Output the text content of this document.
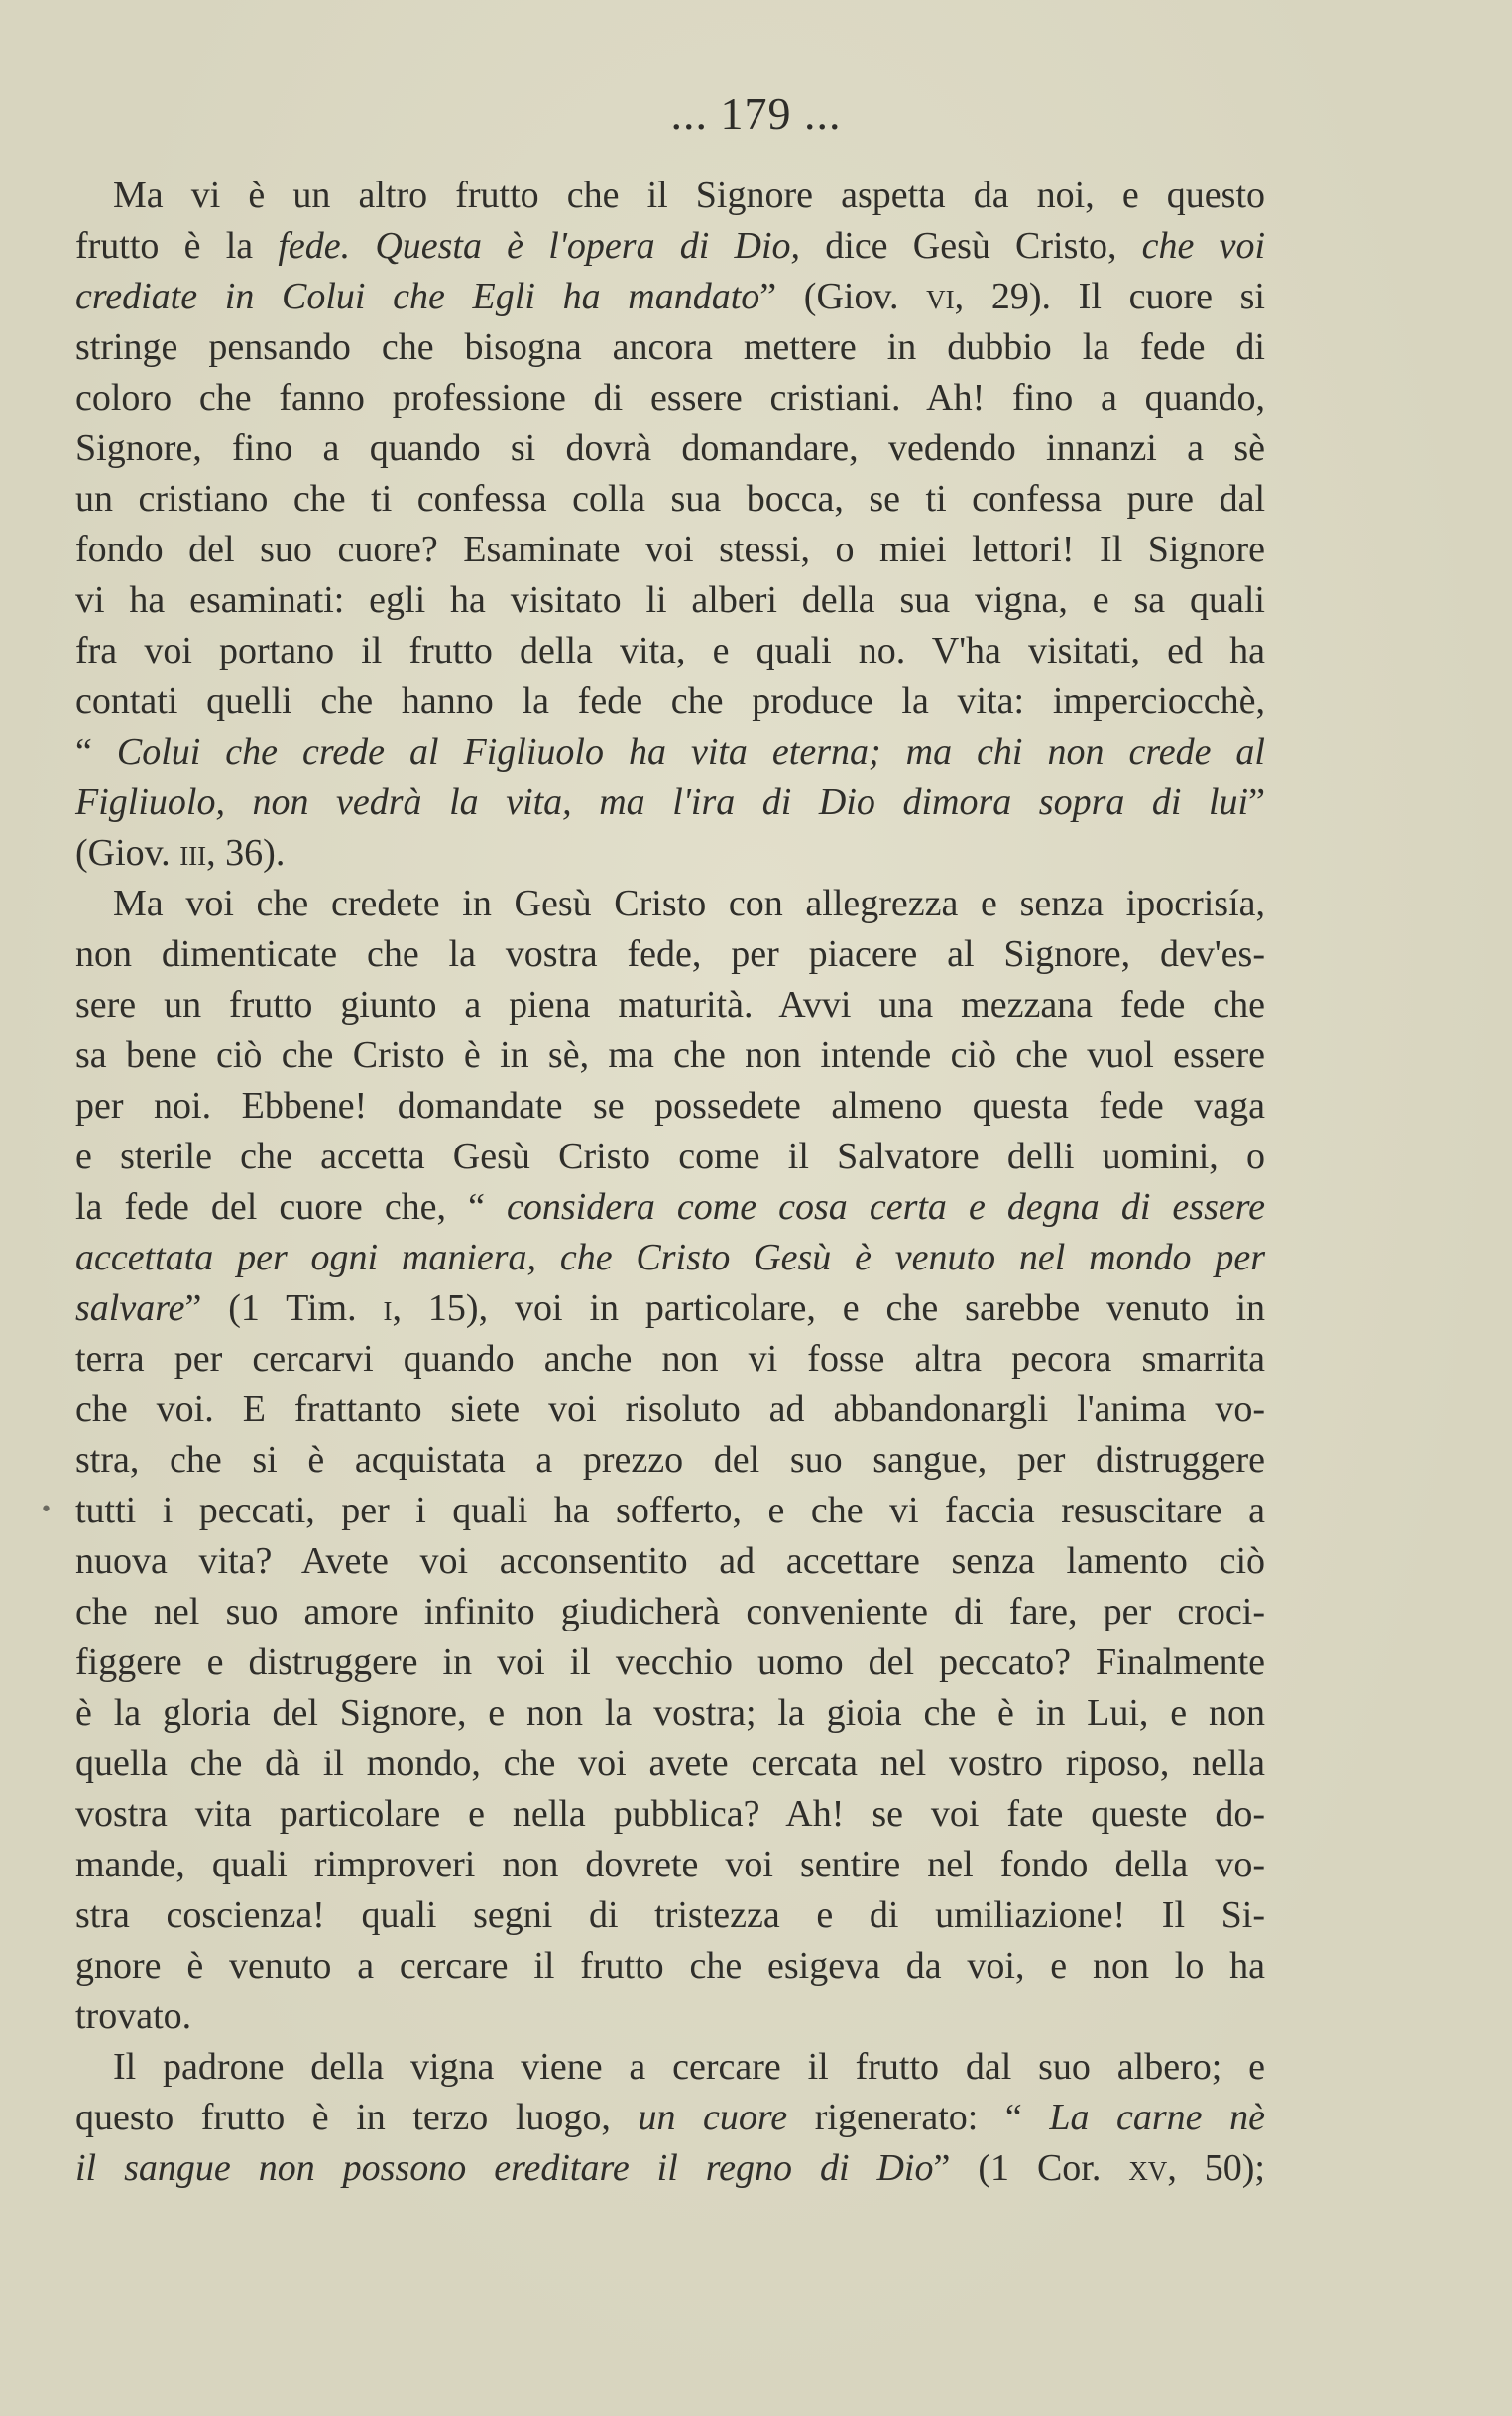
... 179 ...
Ma vi è un altro frutto che il Signore aspetta da noi, e questo
frutto è la fede. Questa è l'opera di Dio, dice Gesù Cristo, che voi
crediate in Colui che Egli ha mandato” (Giov. vi, 29). Il cuore si
stringe pensando che bisogna ancora mettere in dubbio la fede di
coloro che fanno professione di essere cristiani. Ah! fino a quando,
Signore, fino a quando si dovrà domandare, vedendo innanzi a sè
un cristiano che ti confessa colla sua bocca, se ti confessa pure dal
fondo del suo cuore? Esaminate voi stessi, o miei lettori! Il Signore
vi ha esaminati: egli ha visitato li alberi della sua vigna, e sa quali
fra voi portano il frutto della vita, e quali no. V'ha visitati, ed ha
contati quelli che hanno la fede che produce la vita: imperciocchè,
“ Colui che crede al Figliuolo ha vita eterna; ma chi non crede al
Figliuolo, non vedrà la vita, ma l'ira di Dio dimora sopra di lui”
(Giov. iii, 36).
Ma voi che credete in Gesù Cristo con allegrezza e senza ipocrisía,
non dimenticate che la vostra fede, per piacere al Signore, dev'es-
sere un frutto giunto a piena maturità. Avvi una mezzana fede che
sa bene ciò che Cristo è in sè, ma che non intende ciò che vuol essere
per noi. Ebbene! domandate se possedete almeno questa fede vaga
e sterile che accetta Gesù Cristo come il Salvatore delli uomini, o
la fede del cuore che, “ considera come cosa certa e degna di essere
accettata per ogni maniera, che Cristo Gesù è venuto nel mondo per
salvare” (1 Tim. i, 15), voi in particolare, e che sarebbe venuto in
terra per cercarvi quando anche non vi fosse altra pecora smarrita
che voi. E frattanto siete voi risoluto ad abbandonargli l'anima vo-
stra, che si è acquistata a prezzo del suo sangue, per distruggere
tutti i peccati, per i quali ha sofferto, e che vi faccia resuscitare a
nuova vita? Avete voi acconsentito ad accettare senza lamento ciò
che nel suo amore infinito giudicherà conveniente di fare, per croci-
figgere e distruggere in voi il vecchio uomo del peccato? Finalmente
è la gloria del Signore, e non la vostra; la gioia che è in Lui, e non
quella che dà il mondo, che voi avete cercata nel vostro riposo, nella
vostra vita particolare e nella pubblica? Ah! se voi fate queste do-
mande, quali rimproveri non dovrete voi sentire nel fondo della vo-
stra coscienza! quali segni di tristezza e di umiliazione! Il Si-
gnore è venuto a cercare il frutto che esigeva da voi, e non lo ha
trovato.
Il padrone della vigna viene a cercare il frutto dal suo albero; e
questo frutto è in terzo luogo, un cuore rigenerato: “ La carne nè
il sangue non possono ereditare il regno di Dio” (1 Cor. xv, 50);
•
